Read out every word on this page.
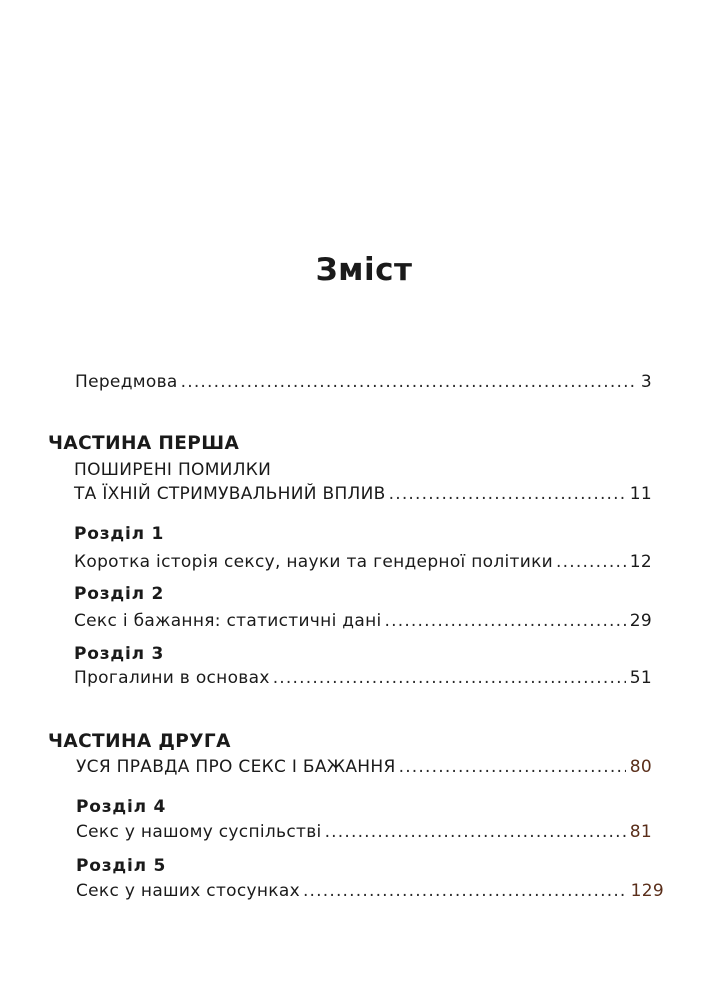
Зміст
Передмова .....	3
ЧАСТИНА ПЕРША
ПОШИРЕНІ ПОМИЛКИ
ТА ЇХНІЙ СТРИМУВАЛЬНИЙ ВПЛИВ .....	11
Розділ 1
Коротка історія сексу, науки та гендерної політики .....	12
Розділ 2
Секс і бажання: статистичні дані .....	29
Розділ 3
Прогалини в основах .....	51
ЧАСТИНА ДРУГА
УСЯ ПРАВДА ПРО СЕКС І БАЖАННЯ .....	80
Розділ 4
Секс у нашому суспільстві .....	81
Розділ 5
Секс у наших стосунках .....	129
